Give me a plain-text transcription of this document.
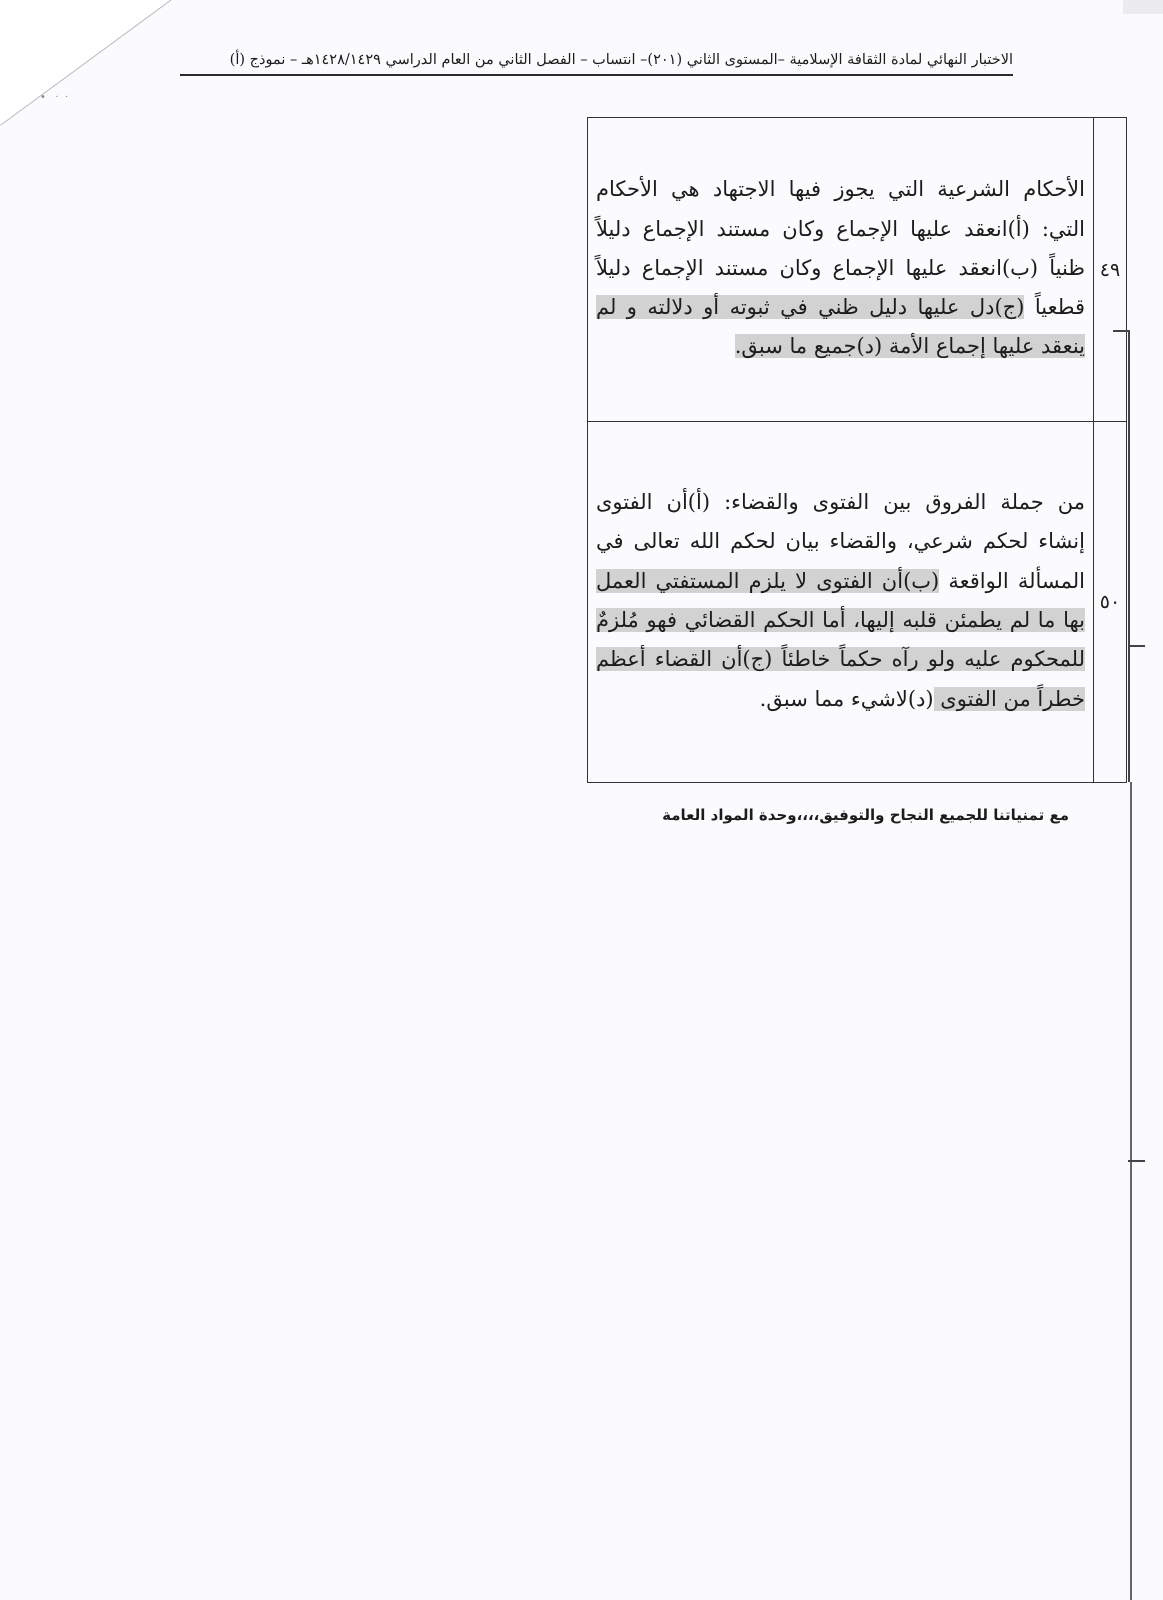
•   ·  ·
الاختبار النهائي لمادة الثقافة الإسلامية –المستوى الثاني (٢٠١)– انتساب – الفصل الثاني من العام الدراسي ١٤٢٨/١٤٢٩هـ – نموذج (أ)
٤٩	الأحكام الشرعية التي يجوز فيها الاجتهاد هي الأحكام التي: (أ)انعقد عليها الإجماع وكان مستند الإجماع دليلاً ظنياً (ب)انعقد عليها الإجماع وكان مستند الإجماع دليلاً قطعياً (ج)دل عليها دليل ظني في ثبوته أو دلالته و لم ينعقد عليها إجماع الأمة (د)جميع ما سبق.
٥٠	من جملة الفروق بين الفتوى والقضاء: (أ)أن الفتوى إنشاء لحكم شرعي، والقضاء بيان لحكم الله تعالى في المسألة الواقعة (ب)أن الفتوى لا يلزم المستفتي العمل بها ما لم يطمئن قلبه إليها، أما الحكم القضائي فهو مُلزمٌ للمحكوم عليه ولو رآه حكماً خاطئاً (ج)أن القضاء أعظم خطراً من الفتوى (د)لاشيء مما سبق.
مع تمنياتنا للجميع النجاح والتوفيق،،،،وحدة المواد العامة
